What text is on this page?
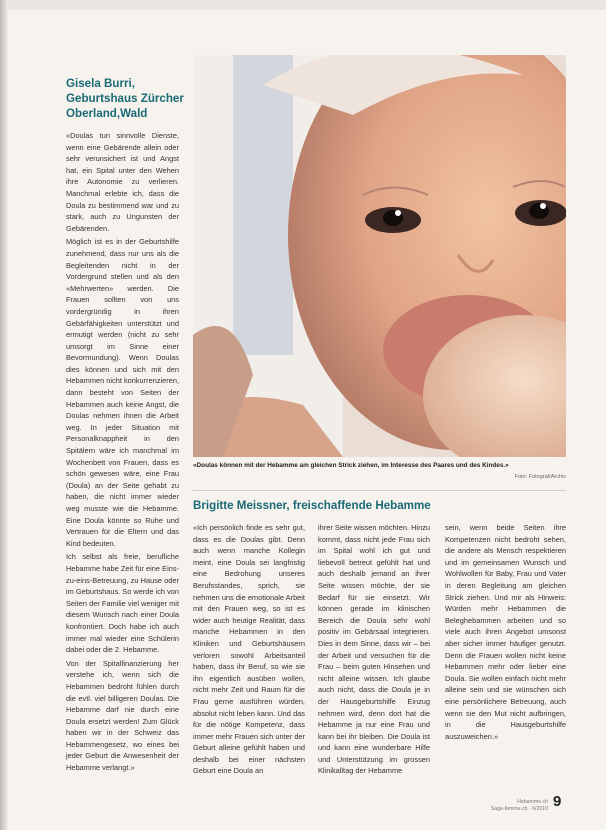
Gisela Burri, Geburtshaus Zürcher Oberland,Wald

«Doulas tun sinnvolle Dienste, wenn eine Gebärende allein oder sehr verunsichert ist und Angst hat, ein Spital unter den Wehen ihre Autonomie zu verlieren. Manchmal erlebte ich, dass die Doula zu bestimmend war und zu stark, auch zu Ungunsten der Gebärenden.

Möglich ist es in der Geburtshilfe zunehmend, dass nur uns als die Begleitenden nicht in der Vordergrund stellen und als den «Mehrwerten» werden. Die Frauen sollten von uns vordergründig in ihren Gebärfähigkeiten unterstützt und ermutigt werden (nicht zu sehr umsorgt im Sinne einer Bevormundung). Wenn Doulas dies können und sich mit den Hebammen nicht konkurrenzieren, dann besteht von Seiten der Hebammen auch keine Angst, die Doulas nehmen ihnen die Arbeit weg. In jeder Situation mit Personalknappheit in den Spitälern wäre ich manchmal im Wochenbett von Frauen, dass es schön gewesen wäre, eine Frau (Doula) an der Seite gehabt zu haben, die nicht immer wieder weg musste wie die Hebamme. Eine Doula könnte so Ruhe und Vertrauen für die Eltern und das Kind bedeuten.

Ich selbst als freie, berufliche Hebamme habe Zeit für eine Eins-zu-eins-Betreuung, zu Hause oder im Geburtshaus. So werde ich von Seiten der Familie viel weniger mit diesem Wunsch nach einer Doula konfrontiert. Doch habe ich auch immer mal wieder eine Schülerin dabei oder die 2. Hebamme.

Von der Spitalfinanzierung her verstehe ich, wenn sich die Hebammen bedroht fühlen durch die evtl. viel billigeren Doulas. Die Hebamme darf nie durch eine Doula ersetzt werden! Zum Glück haben wir in der Schweiz das Hebammengesetz, wo eines bei jeder Geburt die Anwesenheit der Hebamme verlangt.»

«Doulas können mit der Hebamme am gleichen Strick ziehen, im Interesse des Paares und des Kindes.»
Foto: Fotograf/Archiv
Brigitte Meissner, freischaffende Hebamme

«Ich persönlich finde es sehr gut, dass es die Doulas gibt. Denn auch wenn manche Kollegin meint, eine Doula sei langfristig eine Bedrohung unseres Berufsstandes, sprich, sie nehmen uns die emotionale Arbeit mit den Frauen weg, so ist es wider auch heutige Realität, dass manche Hebammen in den Kliniken und Geburtshäusern verloren sowohl Arbeitsanteil haben, dass ihr Beruf, so wie sie ihn eigentlich ausüben wollen, nicht mehr Zeit und Raum für die Frau gerne ausführen würden, absolut nicht leben kann. Und das für die nötige Kompetenz, dass immer mehr Frauen sich unter der Geburt alleine gefühlt haben und deshalb bei einer nächsten Geburt eine Doula an

ihrer Seite wissen möchten. Hinzu kommt, dass nicht jede Frau sich im Spital wohl ich gut und liebevoll betreut gefühlt hat und auch deshalb jemand an ihrer Seite wissen möchte, der sie Bedarf für sie einsetzt. Wir können gerade im klinischen Bereich die Doula sehr wohl positiv im Gebärsaal integrieren. Dies in dem Sinne, dass wir – bei der Arbeit und versuchen für die Frau – beim guten Hinsehen und nicht alleine wissen. Ich glaube auch nicht, dass die Doula je in der Hausgeburtshilfe Einzug nehmen wird, denn dort hat die Hebamme ja nur eine Frau und kann bei ihr bleiben. Die Doula ist und kann eine wunderbare Hilfe und Unterstützung im grossen Klinikalltag der Hebamme

sein, wenn beide Seiten ihre Kompetenzen nicht bedroht sehen, die andere als Mensch respektieren und im gemeinsamen Wunsch und Wohlwollen für Baby, Frau und Vater in deren Begleitung am gleichen Strick ziehen. Und mir als Hinweis: Würden mehr Hebammen die Beleghebammen arbeiten und so viele auch ihren Angebot umsonst aber sicher immer häufiger genutzt. Denn die Frauen wollen nicht keine Hebammen mehr oder lieber eine Doula. Sie wollen einfach nicht mehr alleine sein und sie wünschen sich eine persönlichere Betreuung, auch wenn sie den Mut nicht aufbringen, in die Hausgeburtshilfe auszuweichen.»

Hebamme.ch
Sage-femme.ch · 6/2010 9
